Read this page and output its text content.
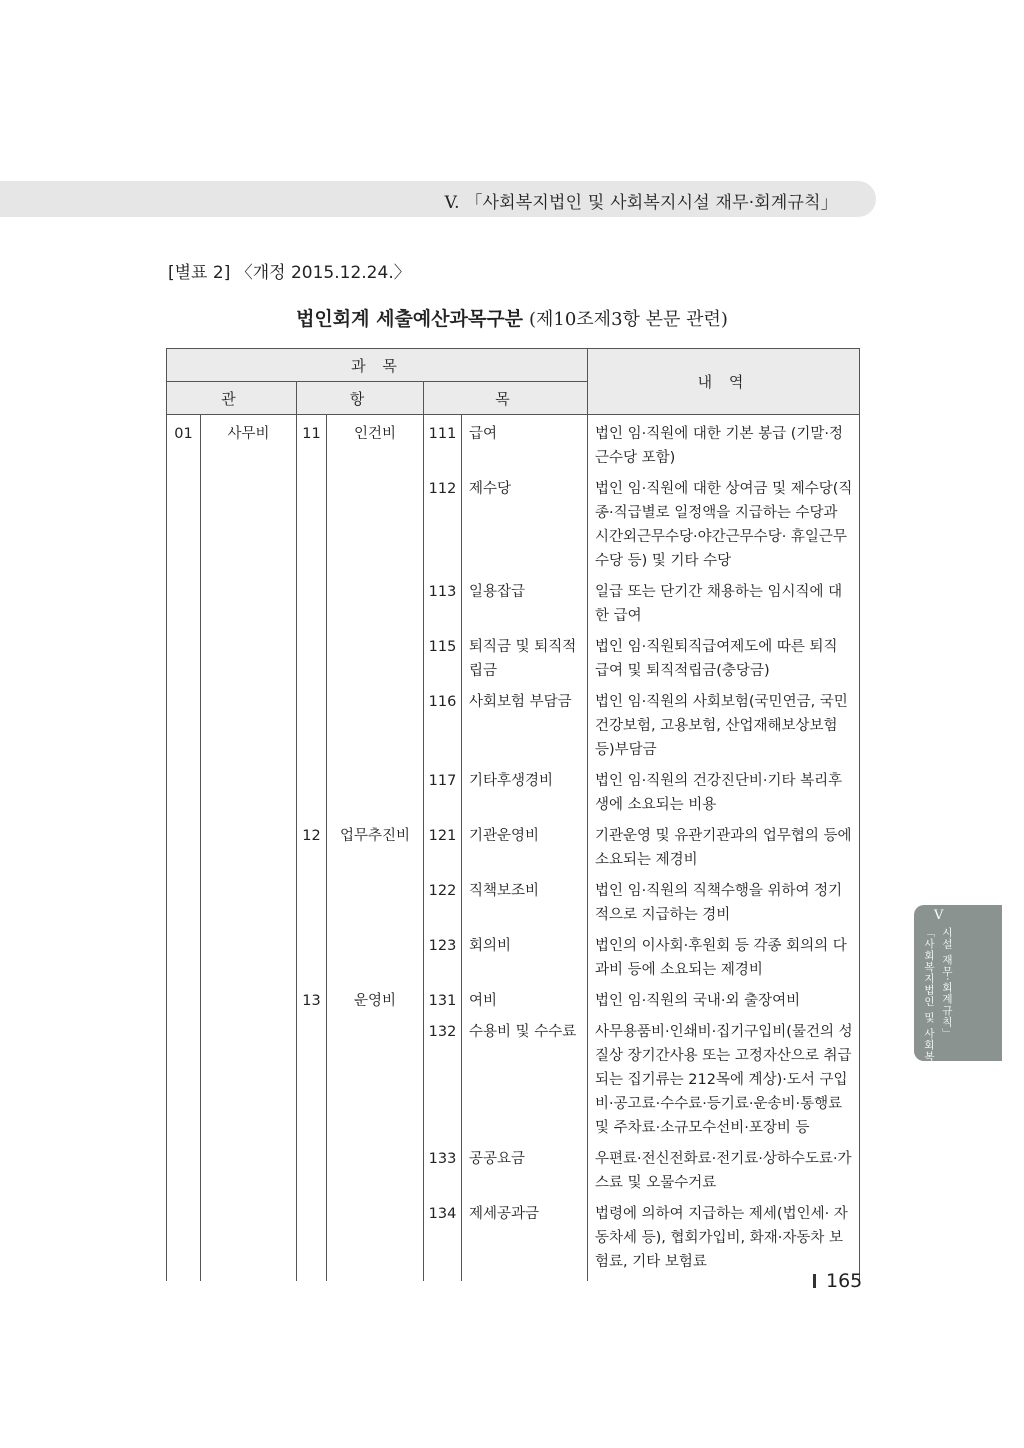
V. 「사회복지법인 및 사회복지시설 재무·회계규칙」
[별표 2] 〈개정 2015.12.24.〉
법인회계 세출예산과목구분 (제10조제3항 본문 관련)
과 목						내 역
관		항		목		
01	사무비	11	인건비	111	급여	법인 임·직원에 대한 기본 봉급 (기말·정근수당 포함)
				112	제수당	법인 임·직원에 대한 상여금 및 제수당(직종·직급별로 일정액을 지급하는 수당과 시간외근무수당·야간근무수당· 휴일근무수당 등) 및 기타 수당
				113	일용잡급	일급 또는 단기간 채용하는 임시직에 대한 급여
				115	퇴직금 및 퇴직적립금	법인 임·직원퇴직급여제도에 따른 퇴직 급여 및 퇴직적립금(충당금)
				116	사회보험 부담금	법인 임·직원의 사회보험(국민연금, 국민건강보험, 고용보험, 산업재해보상보험 등)부담금
				117	기타후생경비	법인 임·직원의 건강진단비·기타 복리후생에 소요되는 비용
		12	업무추진비	121	기관운영비	기관운영 및 유관기관과의 업무협의 등에 소요되는 제경비
				122	직책보조비	법인 임·직원의 직책수행을 위하여 정기적으로 지급하는 경비
				123	회의비	법인의 이사회·후원회 등 각종 회의의 다과비 등에 소요되는 제경비
		13	운영비	131	여비	법인 임·직원의 국내·외 출장여비
				132	수용비 및 수수료	사무용품비·인쇄비·집기구입비(물건의 성질상 장기간사용 또는 고정자산으로 취급되는 집기류는 212목에 계상)·도서 구입비·공고료·수수료·등기료·운송비·통행료 및 주차료·소규모수선비·포장비 등
				133	공공요금	우편료·전신전화료·전기료·상하수도료·가스료 및 오물수거료
				134	제세공과금	법령에 의하여 지급하는 제세(법인세· 자동차세 등), 협회가입비, 화재·자동차 보험료, 기타 보험료
V
시설 재무·회계규칙」
「사회복지법인 및 사회복지
165
